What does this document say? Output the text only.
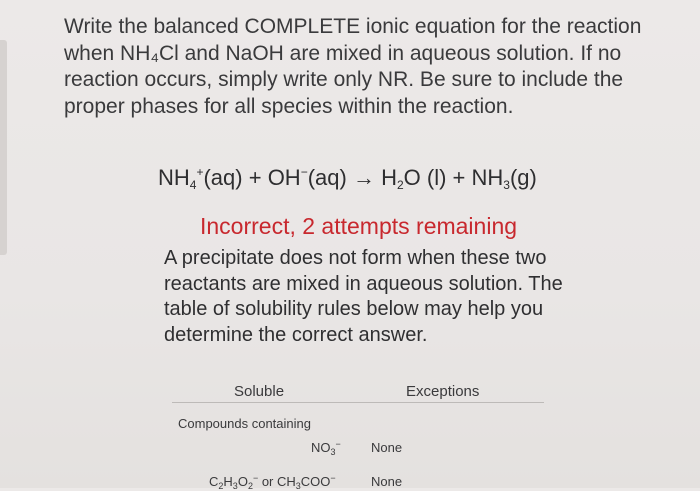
Write the balanced COMPLETE ionic equation for the reaction when NH₄Cl and NaOH are mixed in aqueous solution. If no reaction occurs, simply write only NR. Be sure to include the proper phases for all species within the reaction.

$NH_4^+(aq) + OH^-(aq) \to H_2O$ $(l) + NH_3(g)$
Incorrect, 2 attempts remaining

A precipitate does not form when these two reactants are mixed in aqueous solution. The table of solubility rules below may help you determine the correct answer.

Soluble	Exceptions
Compounds containing
$NO_3^-$ None
$C_2H_3O_2^-$ or $CH_3COO^-$	None
